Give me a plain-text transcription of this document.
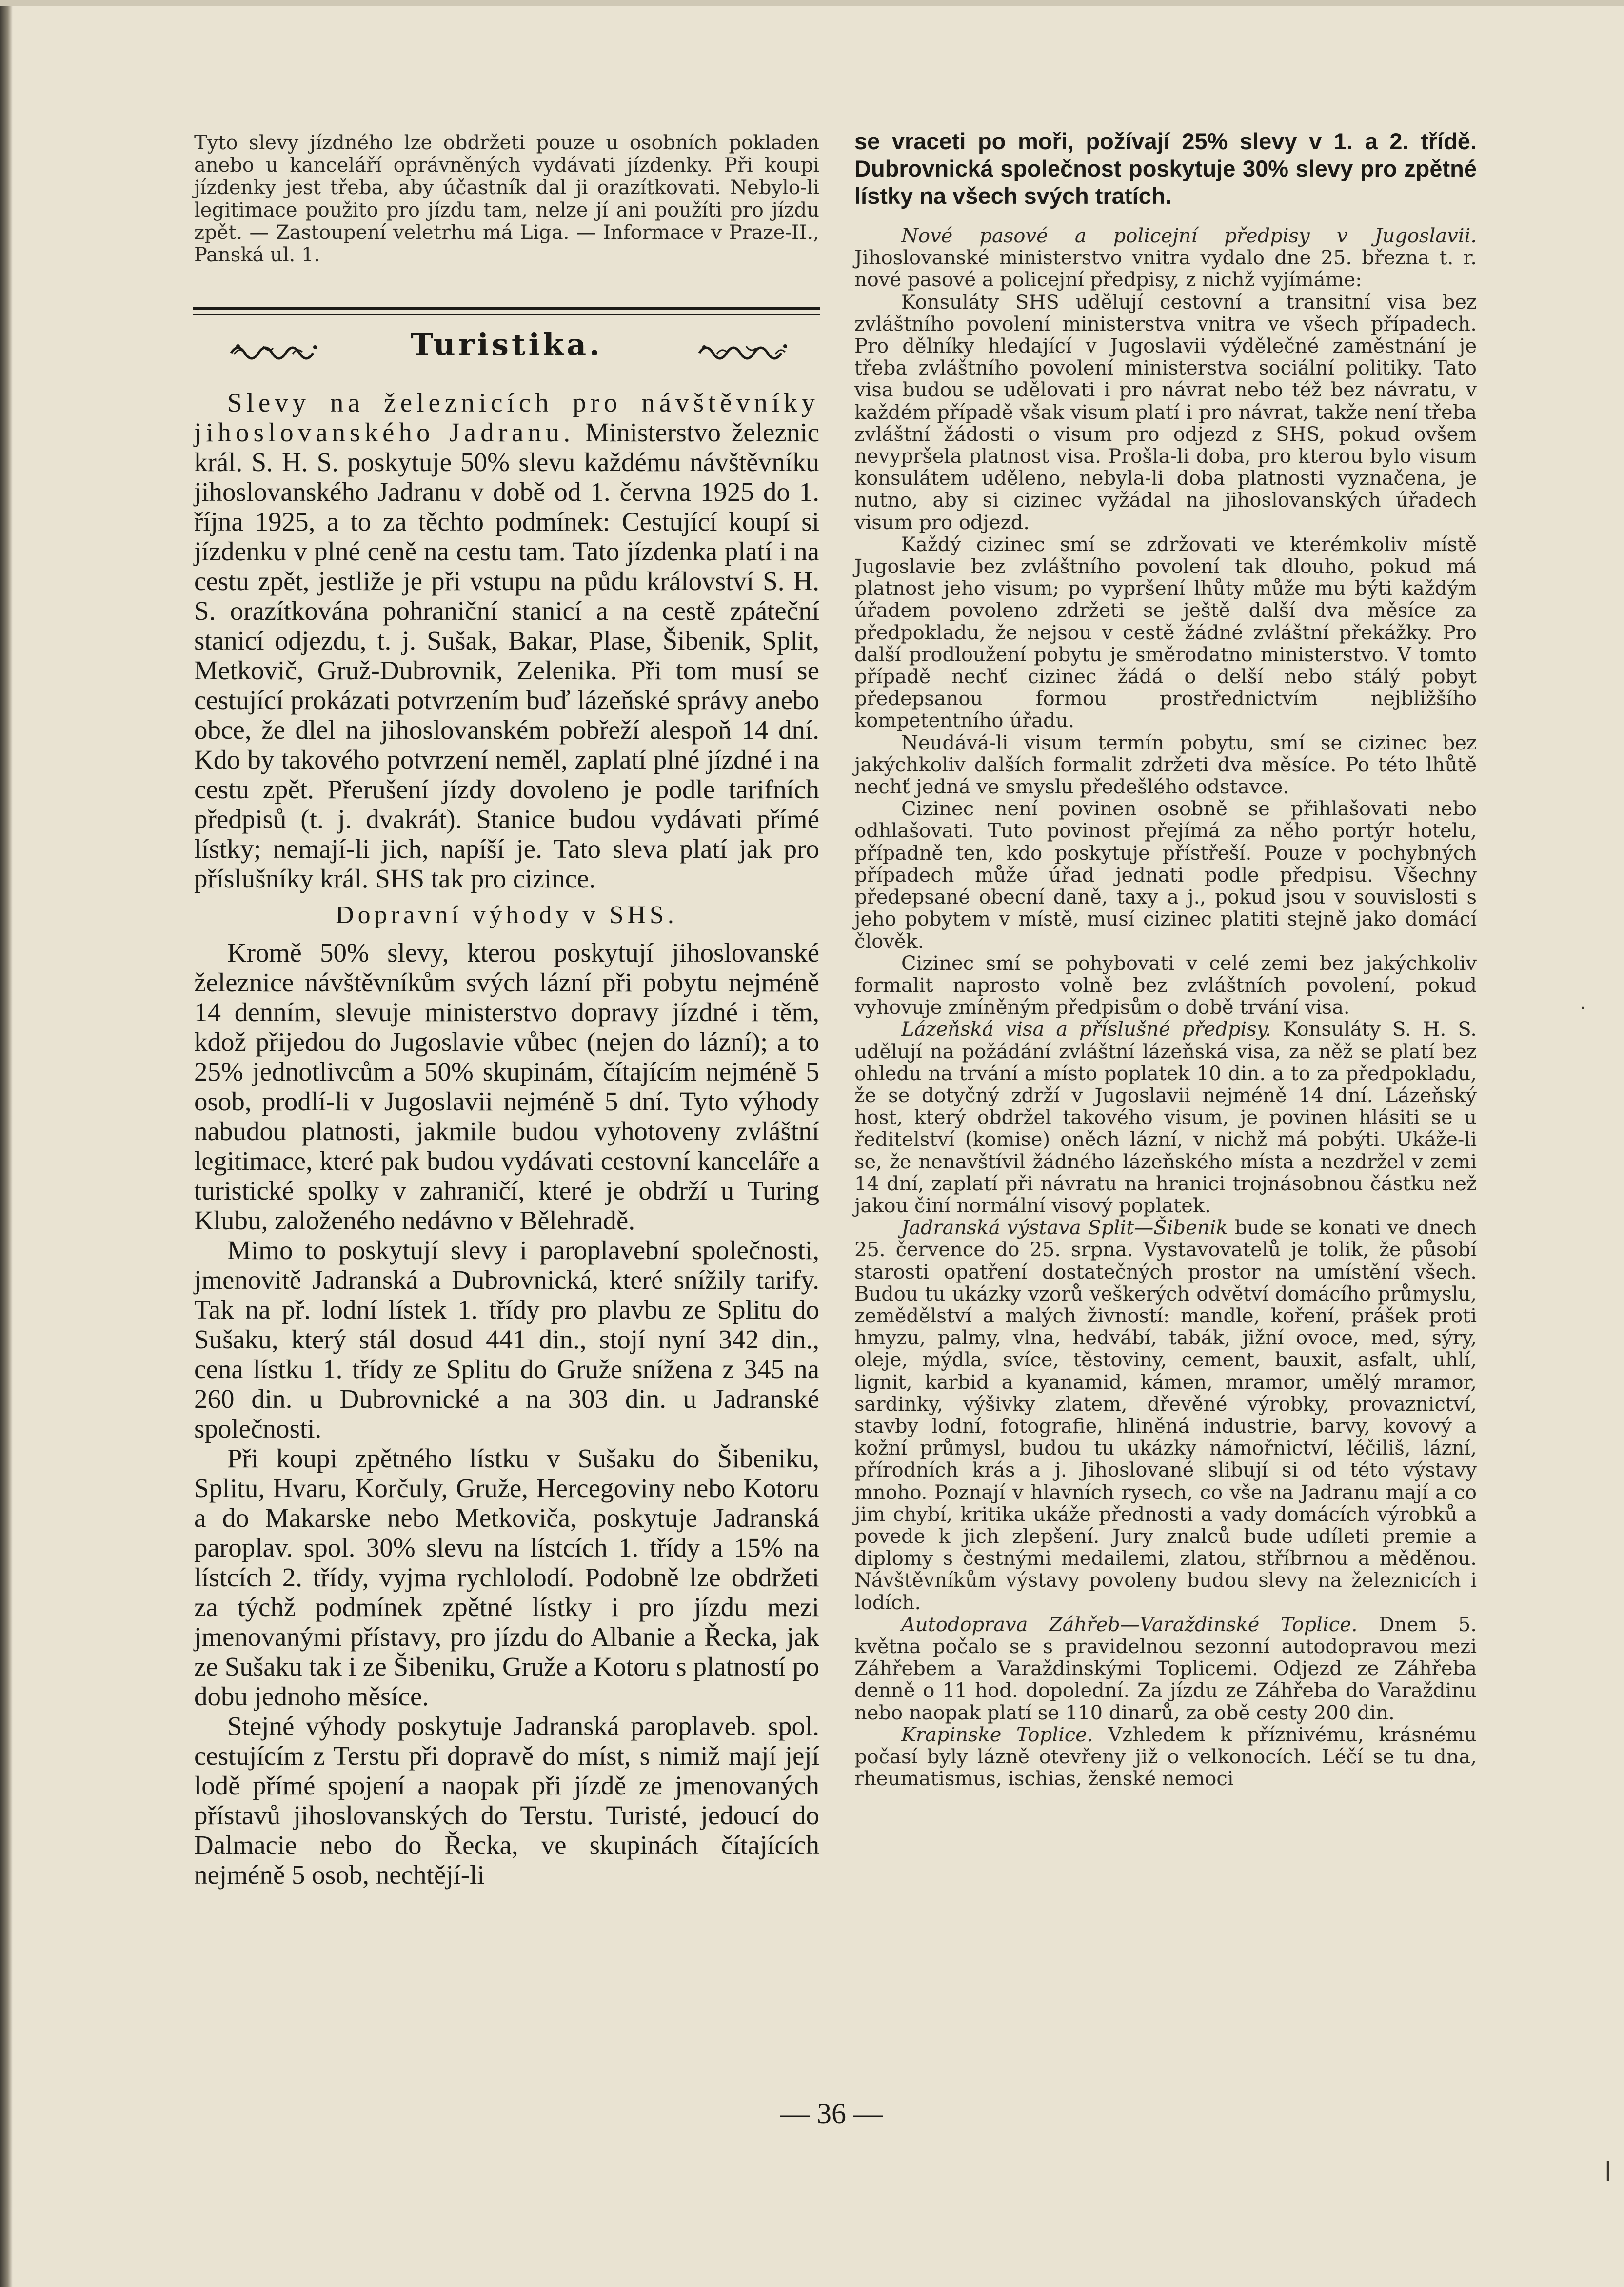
Tyto slevy jízdného lze obdržeti pouze u osobních pokladen anebo u kanceláří oprávněných vydávati jízdenky. Při koupi jízdenky jest třeba, aby účastník dal ji orazítkovati. Nebylo-li legitimace použito pro jízdu tam, nelze jí ani použíti pro jízdu zpět. — Zastoupení veletrhu má Liga. — Informace v Praze-II., Panská ul. 1.

Turistika.

Slevy na železnicích pro návštěvníky jihoslovanského Jadranu. Ministerstvo železnic král. S. H. S. poskytuje 50% slevu každému návštěvníku jihoslovanského Jadranu v době od 1. června 1925 do 1. října 1925, a to za těchto podmínek: Cestující koupí si jízdenku v plné ceně na cestu tam. Tato jízdenka platí i na cestu zpět, jestliže je při vstupu na půdu království S. H. S. orazítkována pohraniční stanicí a na cestě zpáteční stanicí odjezdu, t. j. Sušak, Bakar, Plase, Šibenik, Split, Metkovič, Gruž-Dubrovnik, Zelenika. Při tom musí se cestující prokázati potvrzením buď lázeňské správy anebo obce, že dlel na jihoslovanském pobřeží alespoň 14 dní. Kdo by takového potvrzení neměl, zaplatí plné jízdné i na cestu zpět. Přerušení jízdy dovoleno je podle tarifních předpisů (t. j. dvakrát). Stanice budou vydávati přímé lístky; nemají-li jich, napíší je. Tato sleva platí jak pro příslušníky král. SHS tak pro cizince.

Dopravní výhody v SHS.

Kromě 50% slevy, kterou poskytují jihoslovanské železnice návštěvníkům svých lázní při pobytu nejméně 14 denním, slevuje ministerstvo dopravy jízdné i těm, kdož přijedou do Jugoslavie vůbec (nejen do lázní); a to 25% jednotlivcům a 50% skupinám, čítajícím nejméně 5 osob, prodlí-li v Jugoslavii nejméně 5 dní. Tyto výhody nabudou platnosti, jakmile budou vyhotoveny zvláštní legitimace, které pak budou vydávati cestovní kanceláře a turistické spolky v zahraničí, které je obdrží u Turing Klubu, založeného nedávno v Bělehradě.

Mimo to poskytují slevy i paroplavební společnosti, jmenovitě Jadranská a Dubrovnická, které snížily tarify. Tak na př. lodní lístek 1. třídy pro plavbu ze Splitu do Sušaku, který stál dosud 441 din., stojí nyní 342 din., cena lístku 1. třídy ze Splitu do Gruže snížena z 345 na 260 din. u Dubrovnické a na 303 din. u Jadranské společnosti.

Při koupi zpětného lístku v Sušaku do Šibeniku, Splitu, Hvaru, Korčuly, Gruže, Hercegoviny nebo Kotoru a do Makarske nebo Metkoviča, poskytuje Jadranská paroplav. spol. 30% slevu na lístcích 1. třídy a 15% na lístcích 2. třídy, vyjma rychlolodí. Podobně lze obdržeti za týchž podmínek zpětné lístky i pro jízdu mezi jmenovanými přístavy, pro jízdu do Albanie a Řecka, jak ze Sušaku tak i ze Šibeniku, Gruže a Kotoru s platností po dobu jednoho měsíce.

Stejné výhody poskytuje Jadranská paroplaveb. spol. cestujícím z Terstu při dopravě do míst, s nimiž mají její lodě přímé spojení a naopak při jízdě ze jmenovaných přístavů jihoslovanských do Terstu. Turisté, jedoucí do Dalmacie nebo do Řecka, ve skupinách čítajících nejméně 5 osob, nechtějí-li

se vraceti po moři, požívají 25% slevy v 1. a 2. třídě. Dubrovnická společnost poskytuje 30% slevy pro zpětné lístky na všech svých tratích.

Nové pasové a policejní předpisy v Jugoslavii. Jihoslovanské ministerstvo vnitra vydalo dne 25. března t. r. nové pasové a policejní předpisy, z nichž vyjímáme:

Konsuláty SHS udělují cestovní a transitní visa bez zvláštního povolení ministerstva vnitra ve všech případech. Pro dělníky hledající v Jugoslavii výdělečné zaměstnání je třeba zvláštního povolení ministerstva sociální politiky. Tato visa budou se udělovati i pro návrat nebo též bez návratu, v každém případě však visum platí i pro návrat, takže není třeba zvláštní žádosti o visum pro odjezd z SHS, pokud ovšem nevypršela platnost visa. Prošla-li doba, pro kterou bylo visum konsulátem uděleno, nebyla-li doba platnosti vyznačena, je nutno, aby si cizinec vyžádal na jihoslovanských úřadech visum pro odjezd.

Každý cizinec smí se zdržovati ve kterémkoliv místě Jugoslavie bez zvláštního povolení tak dlouho, pokud má platnost jeho visum; po vypršení lhůty může mu býti každým úřadem povoleno zdržeti se ještě další dva měsíce za předpokladu, že nejsou v cestě žádné zvláštní překážky. Pro další prodloužení pobytu je směrodatno ministerstvo. V tomto případě nechť cizinec žádá o delší nebo stálý pobyt předepsanou formou prostřednictvím nejbližšího kompetentního úřadu.

Neudává-li visum termín pobytu, smí se cizinec bez jakýchkoliv dalších formalit zdržeti dva měsíce. Po této lhůtě nechť jedná ve smyslu předešlého odstavce.

Cizinec není povinen osobně se přihlašovati nebo odhlašovati. Tuto povinost přejímá za něho portýr hotelu, případně ten, kdo poskytuje přístřeší. Pouze v pochybných případech může úřad jednati podle předpisu. Všechny předepsané obecní daně, taxy a j., pokud jsou v souvislosti s jeho pobytem v místě, musí cizinec platiti stejně jako domácí člověk.

Cizinec smí se pohybovati v celé zemi bez jakýchkoliv formalit naprosto volně bez zvláštních povolení, pokud vyhovuje zmíněným předpisům o době trvání visa.

Lázeňská visa a příslušné předpisy. Konsuláty S. H. S. udělují na požádání zvláštní lázeňská visa, za něž se platí bez ohledu na trvání a místo poplatek 10 din. a to za předpokladu, že se dotyčný zdrží v Jugoslavii nejméně 14 dní. Lázeňský host, který obdržel takového visum, je povinen hlásiti se u ředitelství (komise) oněch lázní, v nichž má pobýti. Ukáže-li se, že nenavštívil žádného lázeňského místa a nezdržel v zemi 14 dní, zaplatí při návratu na hranici trojnásobnou částku než jakou činí normální visový poplatek.

Jadranská výstava Split—Šibenik bude se konati ve dnech 25. července do 25. srpna. Vystavovatelů je tolik, že působí starosti opatření dostatečných prostor na umístění všech. Budou tu ukázky vzorů veškerých odvětví domácího průmyslu, zemědělství a malých živností: mandle, koření, prášek proti hmyzu, palmy, vlna, hedvábí, tabák, jižní ovoce, med, sýry, oleje, mýdla, svíce, těstoviny, cement, bauxit, asfalt, uhlí, lignit, karbid a kyanamid, kámen, mramor, umělý mramor, sardinky, výšivky zlatem, dřevěné výrobky, provaznictví, stavby lodní, fotografie, hliněná industrie, barvy, kovový a kožní průmysl, budou tu ukázky námořnictví, léčiliš, lázní, přírodních krás a j. Jihoslované slibují si od této výstavy mnoho. Poznají v hlavních rysech, co vše na Jadranu mají a co jim chybí, kritika ukáže přednosti a vady domácích výrobků a povede k jich zlepšení. Jury znalců bude udíleti premie a diplomy s čestnými medailemi, zlatou, stříbrnou a měděnou. Návštěvníkům výstavy povoleny budou slevy na železnicích i lodích.

Autodoprava Záhřeb—Varaždinské Toplice. Dnem 5. května počalo se s pravidelnou sezonní autodopravou mezi Záhřebem a Varaždinskými Toplicemi. Odjezd ze Záhřeba denně o 11 hod. dopolední. Za jízdu ze Záhřeba do Varaždinu nebo naopak platí se 110 dinarů, za obě cesty 200 din.

Krapinske Toplice. Vzhledem k příznivému, krásnému počasí byly lázně otevřeny již o velkonocích. Léčí se tu dna, rheumatismus, ischias, ženské nemoci

— 36 —
·
ǀ
